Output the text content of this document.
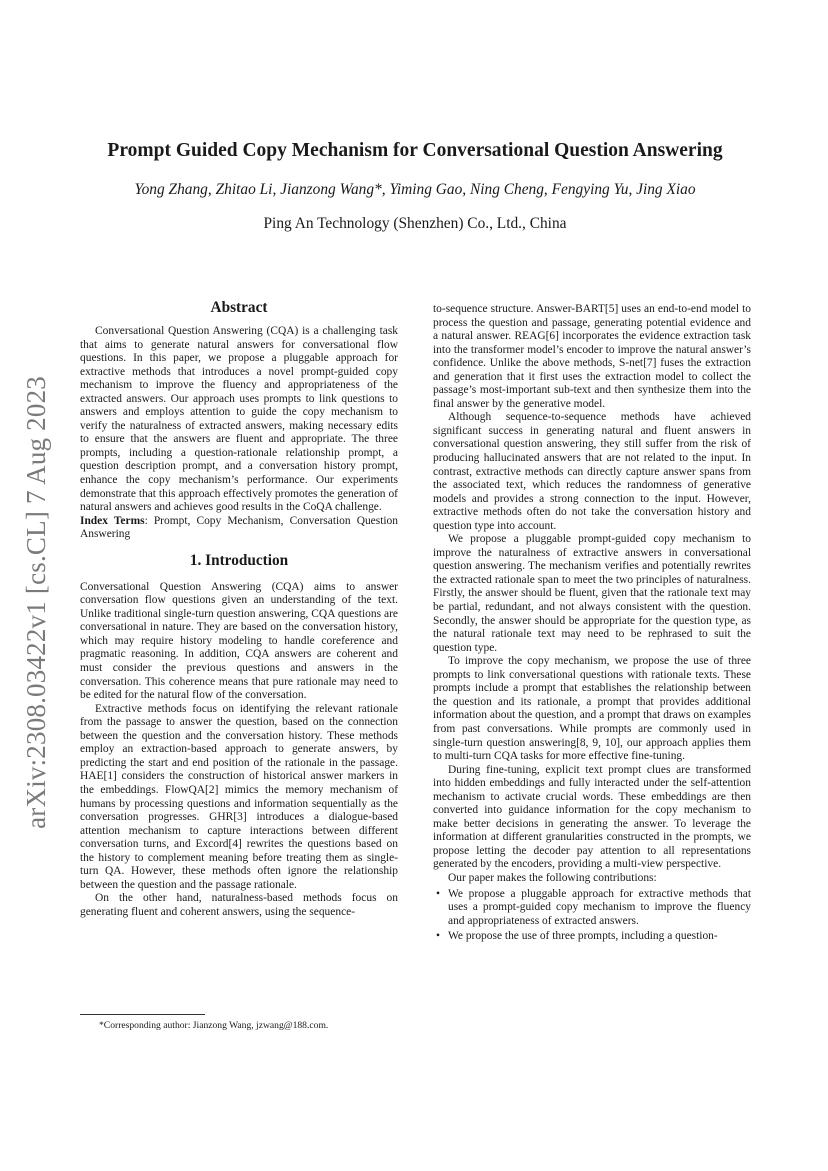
arXiv:2308.03422v1 [cs.CL] 7 Aug 2023
Prompt Guided Copy Mechanism for Conversational Question Answering
Yong Zhang, Zhitao Li, Jianzong Wang*, Yiming Gao, Ning Cheng, Fengying Yu, Jing Xiao
Ping An Technology (Shenzhen) Co., Ltd., China
Abstract

Conversational Question Answering (CQA) is a challenging task that aims to generate natural answers for conversational flow questions. In this paper, we propose a pluggable approach for extractive methods that introduces a novel prompt-guided copy mechanism to improve the fluency and appropriateness of the extracted answers. Our approach uses prompts to link questions to answers and employs attention to guide the copy mechanism to verify the naturalness of extracted answers, making necessary edits to ensure that the answers are fluent and appropriate. The three prompts, including a question-rationale relationship prompt, a question description prompt, and a conversation history prompt, enhance the copy mechanism’s performance. Our experiments demonstrate that this approach effectively promotes the generation of natural answers and achieves good results in the CoQA challenge.

Index Terms: Prompt, Copy Mechanism, Conversation Question Answering

1. Introduction

Conversational Question Answering (CQA) aims to answer conversation flow questions given an understanding of the text. Unlike traditional single-turn question answering, CQA questions are conversational in nature. They are based on the conversation history, which may require history modeling to handle coreference and pragmatic reasoning. In addition, CQA answers are coherent and must consider the previous questions and answers in the conversation. This coherence means that pure rationale may need to be edited for the natural flow of the conversation.

Extractive methods focus on identifying the relevant rationale from the passage to answer the question, based on the connection between the question and the conversation history. These methods employ an extraction-based approach to generate answers, by predicting the start and end position of the rationale in the passage. HAE[1] considers the construction of historical answer markers in the embeddings. FlowQA[2] mimics the memory mechanism of humans by processing questions and information sequentially as the conversation progresses. GHR[3] introduces a dialogue-based attention mechanism to capture interactions between different conversation turns, and Excord[4] rewrites the questions based on the history to complement meaning before treating them as single-turn QA. However, these methods often ignore the relationship between the question and the passage rationale.

On the other hand, naturalness-based methods focus on generating fluent and coherent answers, using the sequence-

*Corresponding author: Jianzong Wang, jzwang@188.com.

to-sequence structure. Answer-BART[5] uses an end-to-end model to process the question and passage, generating potential evidence and a natural answer. REAG[6] incorporates the evidence extraction task into the transformer model’s encoder to improve the natural answer’s confidence. Unlike the above methods, S-net[7] fuses the extraction and generation that it first uses the extraction model to collect the passage’s most-important sub-text and then synthesize them into the final answer by the generative model.

Although sequence-to-sequence methods have achieved significant success in generating natural and fluent answers in conversational question answering, they still suffer from the risk of producing hallucinated answers that are not related to the input. In contrast, extractive methods can directly capture answer spans from the associated text, which reduces the randomness of generative models and provides a strong connection to the input. However, extractive methods often do not take the conversation history and question type into account.

We propose a pluggable prompt-guided copy mechanism to improve the naturalness of extractive answers in conversational question answering. The mechanism verifies and potentially rewrites the extracted rationale span to meet the two principles of naturalness. Firstly, the answer should be fluent, given that the rationale text may be partial, redundant, and not always consistent with the question. Secondly, the answer should be appropriate for the question type, as the natural rationale text may need to be rephrased to suit the question type.

To improve the copy mechanism, we propose the use of three prompts to link conversational questions with rationale texts. These prompts include a prompt that establishes the relationship between the question and its rationale, a prompt that provides additional information about the question, and a prompt that draws on examples from past conversations. While prompts are commonly used in single-turn question answering[8, 9, 10], our approach applies them to multi-turn CQA tasks for more effective fine-tuning.

During fine-tuning, explicit text prompt clues are transformed into hidden embeddings and fully interacted under the self-attention mechanism to activate crucial words. These embeddings are then converted into guidance information for the copy mechanism to make better decisions in generating the answer. To leverage the information at different granularities constructed in the prompts, we propose letting the decoder pay attention to all representations generated by the encoders, providing a multi-view perspective.

Our paper makes the following contributions:

• We propose a pluggable approach for extractive methods that uses a prompt-guided copy mechanism to improve the fluency and appropriateness of extracted answers.
• We propose the use of three prompts, including a question-
